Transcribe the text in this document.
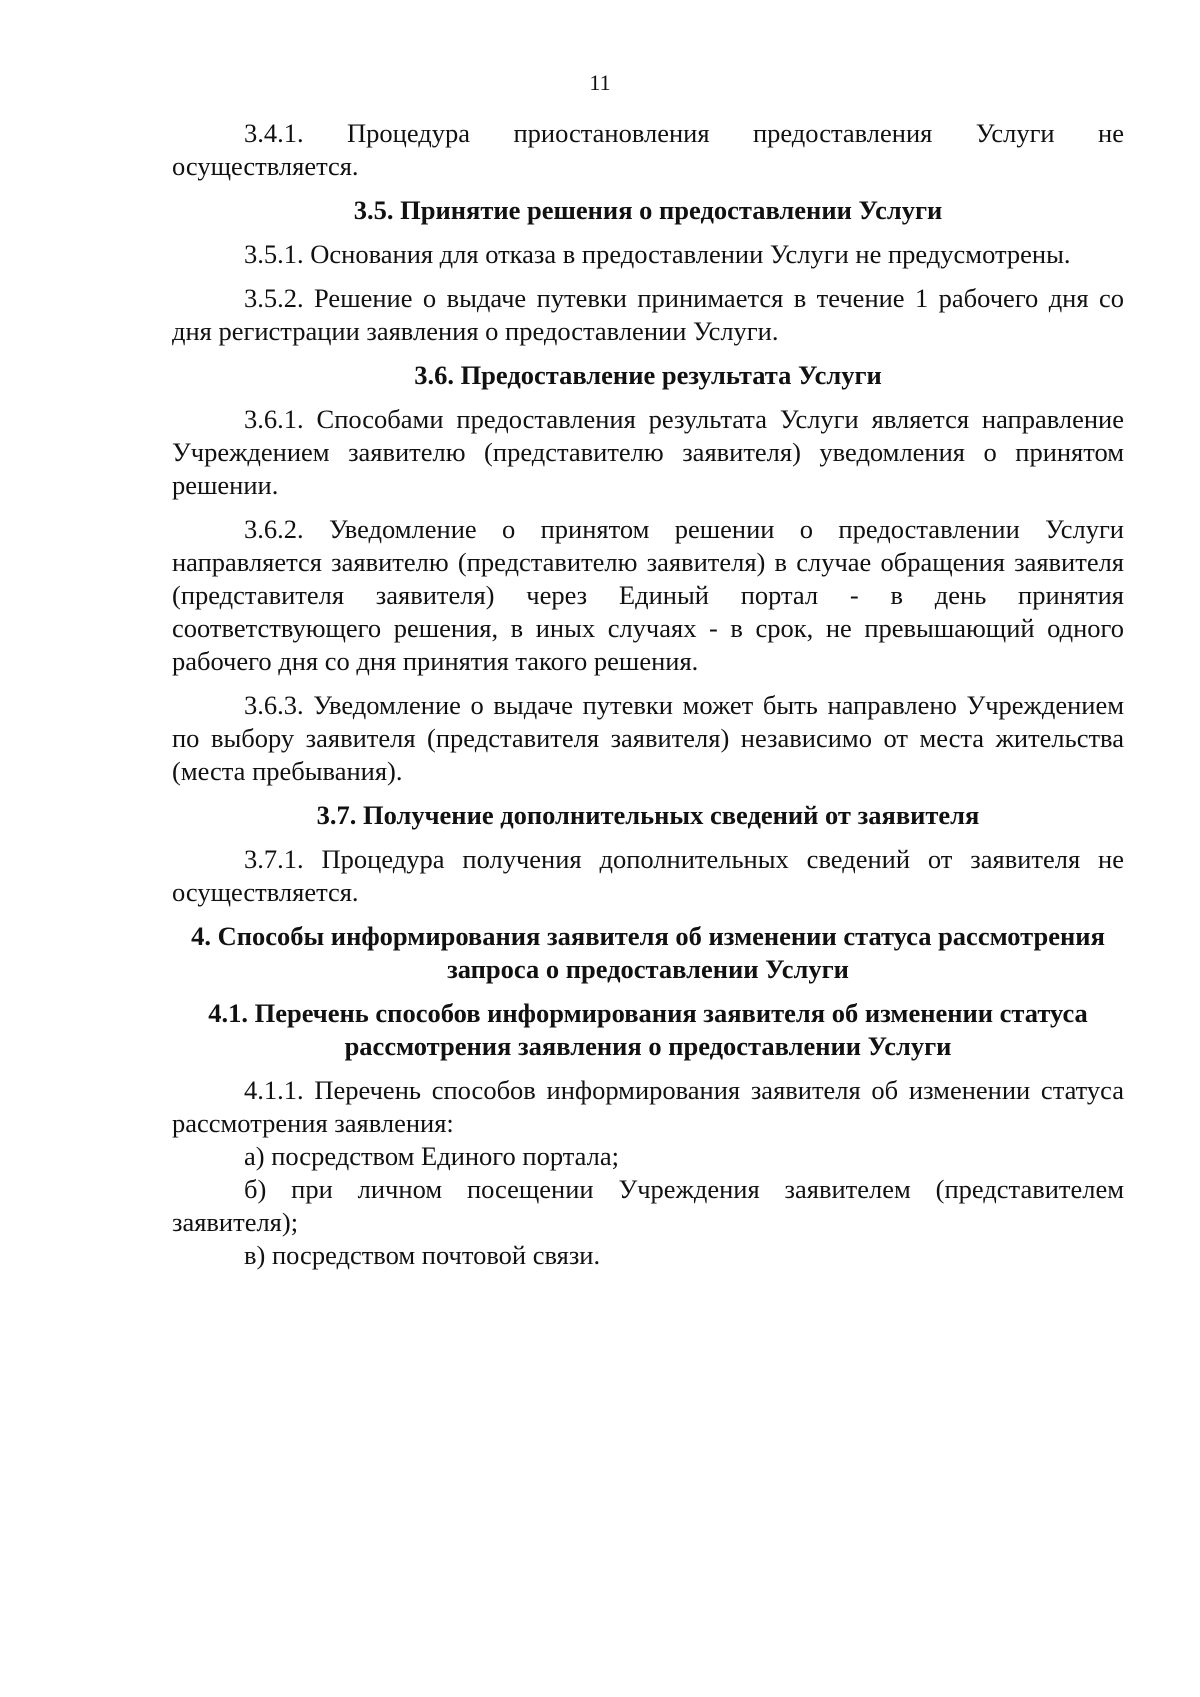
11

3.4.1. Процедура приостановления предоставления Услуги не осуществляется.

3.5. Принятие решения о предоставлении Услуги

3.5.1. Основания для отказа в предоставлении Услуги не предусмотрены.

3.5.2. Решение о выдаче путевки принимается в течение 1 рабочего дня со дня регистрации заявления о предоставлении Услуги.

3.6. Предоставление результата Услуги

3.6.1. Способами предоставления результата Услуги является направление Учреждением заявителю (представителю заявителя) уведомления о принятом решении.

3.6.2. Уведомление о принятом решении о предоставлении Услуги направляется заявителю (представителю заявителя) в случае обращения заявителя (представителя заявителя) через Единый портал - в день принятия соответствующего решения, в иных случаях - в срок, не превышающий одного рабочего дня со дня принятия такого решения.

3.6.3. Уведомление о выдаче путевки может быть направлено Учреждением по выбору заявителя (представителя заявителя) независимо от места жительства (места пребывания).

3.7. Получение дополнительных сведений от заявителя

3.7.1. Процедура получения дополнительных сведений от заявителя не осуществляется.

4. Способы информирования заявителя об изменении статуса рассмотрения запроса о предоставлении Услуги

4.1. Перечень способов информирования заявителя об изменении статуса рассмотрения заявления о предоставлении Услуги

4.1.1. Перечень способов информирования заявителя об изменении статуса рассмотрения заявления:

а) посредством Единого портала;

б) при личном посещении Учреждения заявителем (представителем заявителя);

в) посредством почтовой связи.
